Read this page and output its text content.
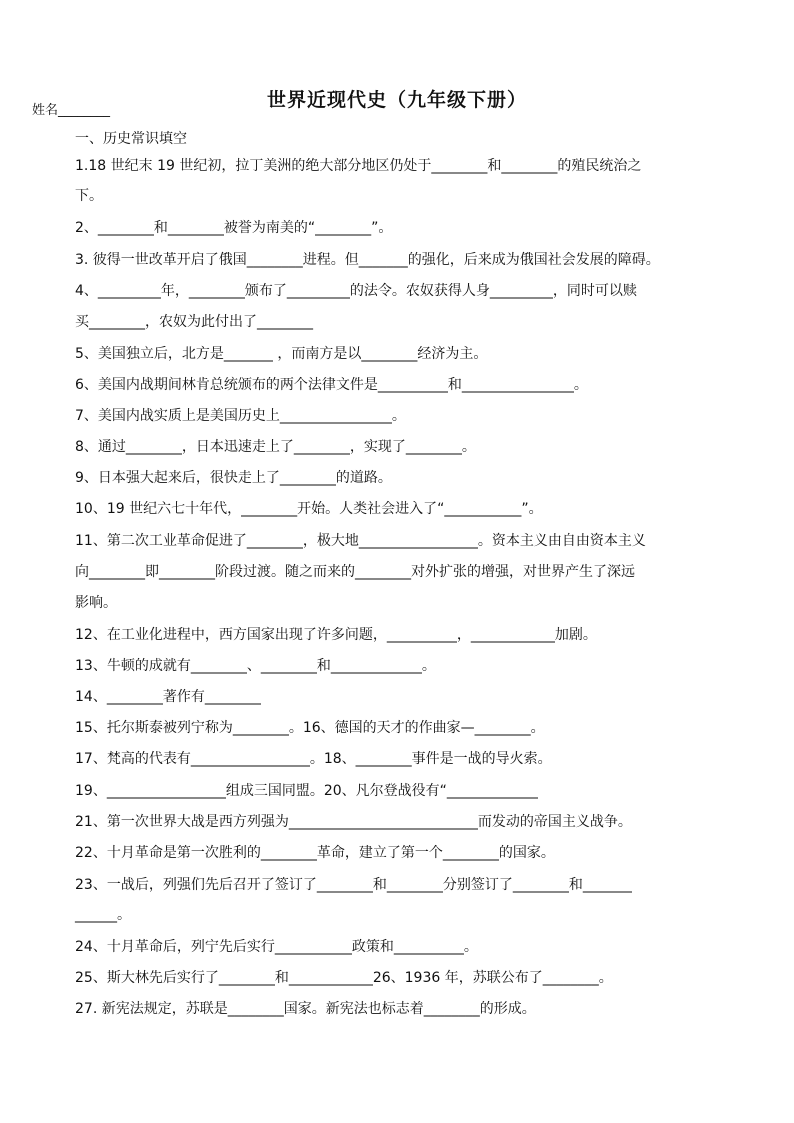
姓名________	世界近现代史（九年级下册）
一、历史常识填空
1.18 世纪末 19 世纪初，拉丁美洲的绝大部分地区仍处于________和________的殖民统治之
下。
2、________和________被誉为南美的“________”。
3. 彼得一世改革开启了俄国________进程。但_______的强化，后来成为俄国社会发展的障碍。
4、_________年，________颁布了_________的法令。农奴获得人身_________，同时可以赎
买________，农奴为此付出了________
5、美国独立后，北方是_______ ，而南方是以________经济为主。
6、美国内战期间林肯总统颁布的两个法律文件是__________和________________。
7、美国内战实质上是美国历史上________________。
8、通过________，日本迅速走上了________，实现了________。
9、日本强大起来后，很快走上了________的道路。
10、19 世纪六七十年代，________开始。人类社会进入了“___________”。
11、第二次工业革命促进了________，极大地_________________。资本主义由自由资本主义
向________即________阶段过渡。随之而来的________对外扩张的增强，对世界产生了深远
影响。
12、在工业化进程中，西方国家出现了许多问题，__________，____________加剧。
13、牛顿的成就有________、________和_____________。
14、________著作有________
15、托尔斯泰被列宁称为________。16、德国的天才的作曲家—________。
17、梵高的代表有_________________。18、________事件是一战的导火索。
19、_________________组成三国同盟。20、凡尔登战役有“_____________
21、第一次世界大战是西方列强为___________________________而发动的帝国主义战争。
22、十月革命是第一次胜利的________革命，建立了第一个________的国家。
23、一战后，列强们先后召开了签订了________和________分别签订了________和_______
______。
24、十月革命后，列宁先后实行___________政策和__________。
25、斯大林先后实行了________和____________26、1936 年，苏联公布了________。
27. 新宪法规定，苏联是________国家。新宪法也标志着________的形成。
